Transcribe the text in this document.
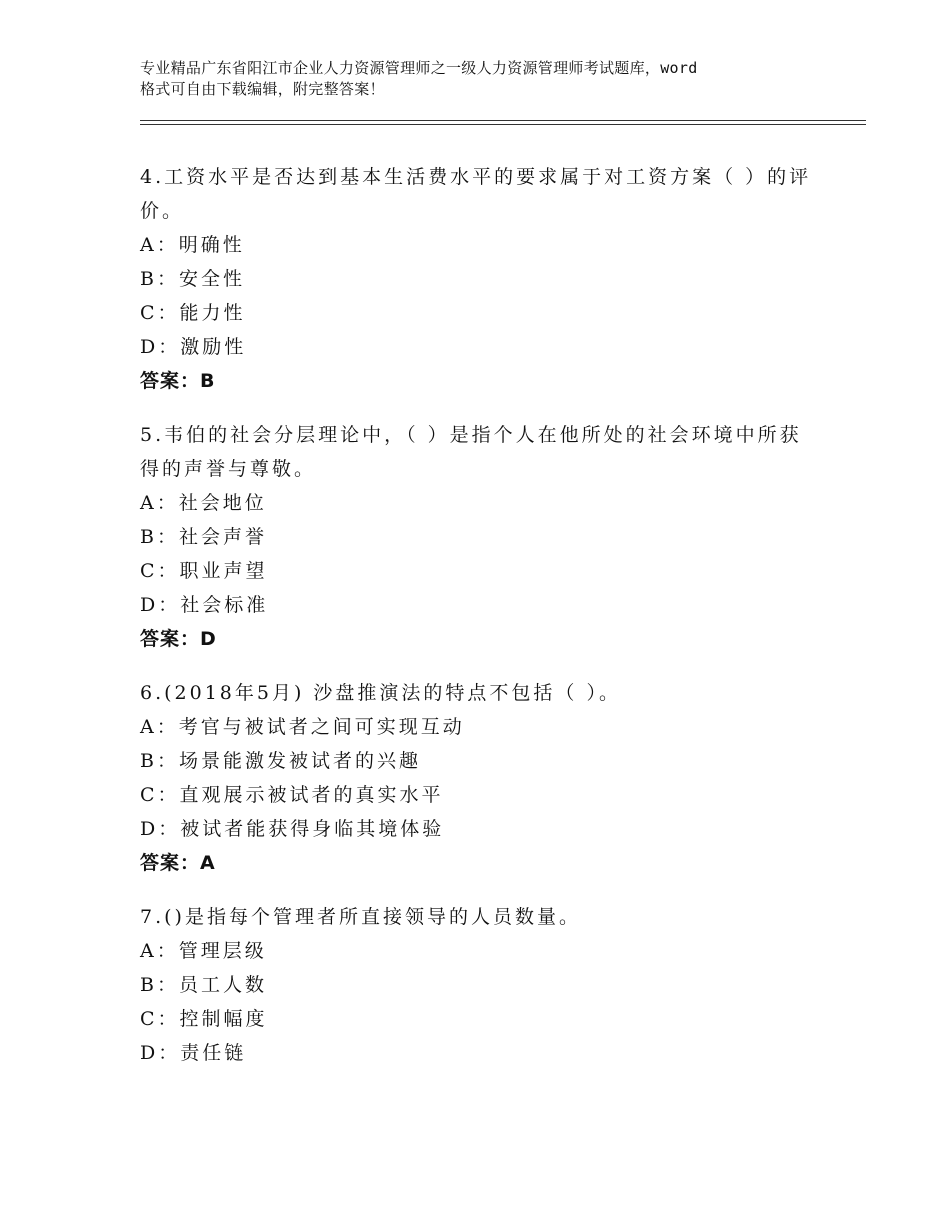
专业精品广东省阳江市企业人力资源管理师之一级人力资源管理师考试题库，word
格式可自由下载编辑，附完整答案！
4.工资水平是否达到基本生活费水平的要求属于对工资方案（ ）的评
价。
A：明确性
B：安全性
C：能力性
D：激励性
答案：B
5.韦伯的社会分层理论中，（ ）是指个人在他所处的社会环境中所获
得的声誉与尊敬。
A：社会地位
B：社会声誉
C：职业声望
D：社会标准
答案：D
6.(2018年5月) 沙盘推演法的特点不包括（ ）。
A：考官与被试者之间可实现互动
B：场景能激发被试者的兴趣
C：直观展示被试者的真实水平
D：被试者能获得身临其境体验
答案：A
7.()是指每个管理者所直接领导的人员数量。
A：管理层级
B：员工人数
C：控制幅度
D：责任链
